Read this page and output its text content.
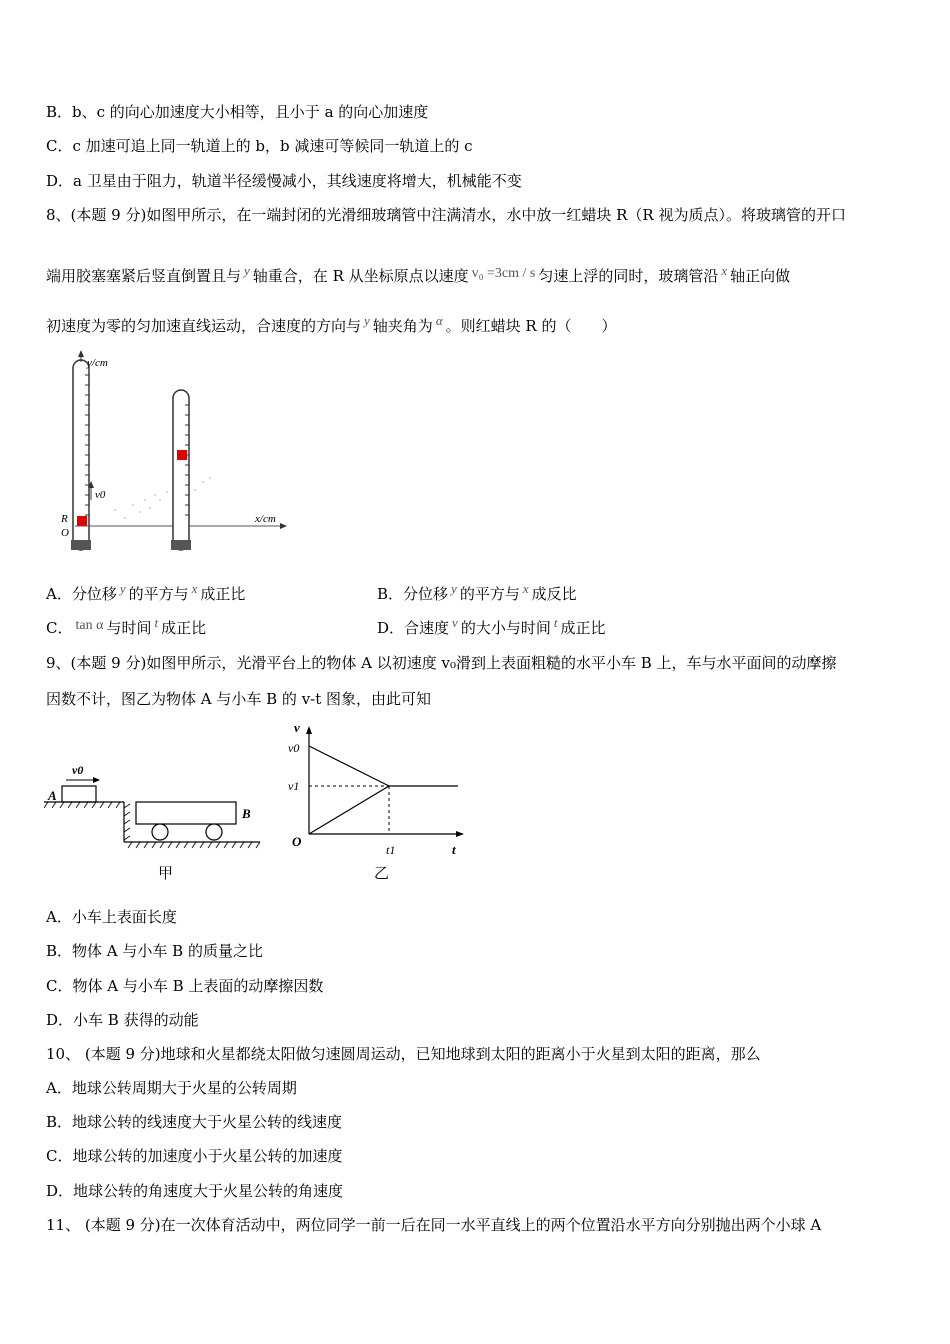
B．b、c 的向心加速度大小相等，且小于 a 的向心加速度
C．c 加速可追上同一轨道上的 b，b 减速可等候同一轨道上的 c
D．a 卫星由于阻力，轨道半径缓慢减小，其线速度将增大，机械能不变
8、(本题 9 分)如图甲所示，在一端封闭的光滑细玻璃管中注满清水，水中放一红蜡块 R（R 视为质点）。将玻璃管的开口
端用胶塞塞紧后竖直倒置且与 y 轴重合，在 R 从坐标原点以速度 v₀ =3cm / s 匀速上浮的同时，玻璃管沿 x 轴正向做
初速度为零的匀加速直线运动，合速度的方向与 y 轴夹角为 α 。则红蜡块 R 的（　　）
y/cm
v0
R
O
x/cm
A．分位移 y 的平方与 x 成正比	B．分位移 y 的平方与 x 成反比
C． tan α 与时间 t 成正比	D．合速度 v 的大小与时间 t 成正比
9、(本题 9 分)如图甲所示，光滑平台上的物体 A 以初速度 v₀滑到上表面粗糙的水平小车 B 上，车与水平面间的动摩擦
因数不计，图乙为物体 A 与小车 B 的 v-t 图象，由此可知
v0
A
B
甲
v
t
O
v0
v1
t1
乙
A．小车上表面长度
B．物体 A 与小车 B 的质量之比
C．物体 A 与小车 B 上表面的动摩擦因数
D．小车 B 获得的动能
10、 (本题 9 分)地球和火星都绕太阳做匀速圆周运动，已知地球到太阳的距离小于火星到太阳的距离，那么
A．地球公转周期大于火星的公转周期
B．地球公转的线速度大于火星公转的线速度
C．地球公转的加速度小于火星公转的加速度
D．地球公转的角速度大于火星公转的角速度
11、 (本题 9 分)在一次体育活动中，两位同学一前一后在同一水平直线上的两个位置沿水平方向分别抛出两个小球 A
